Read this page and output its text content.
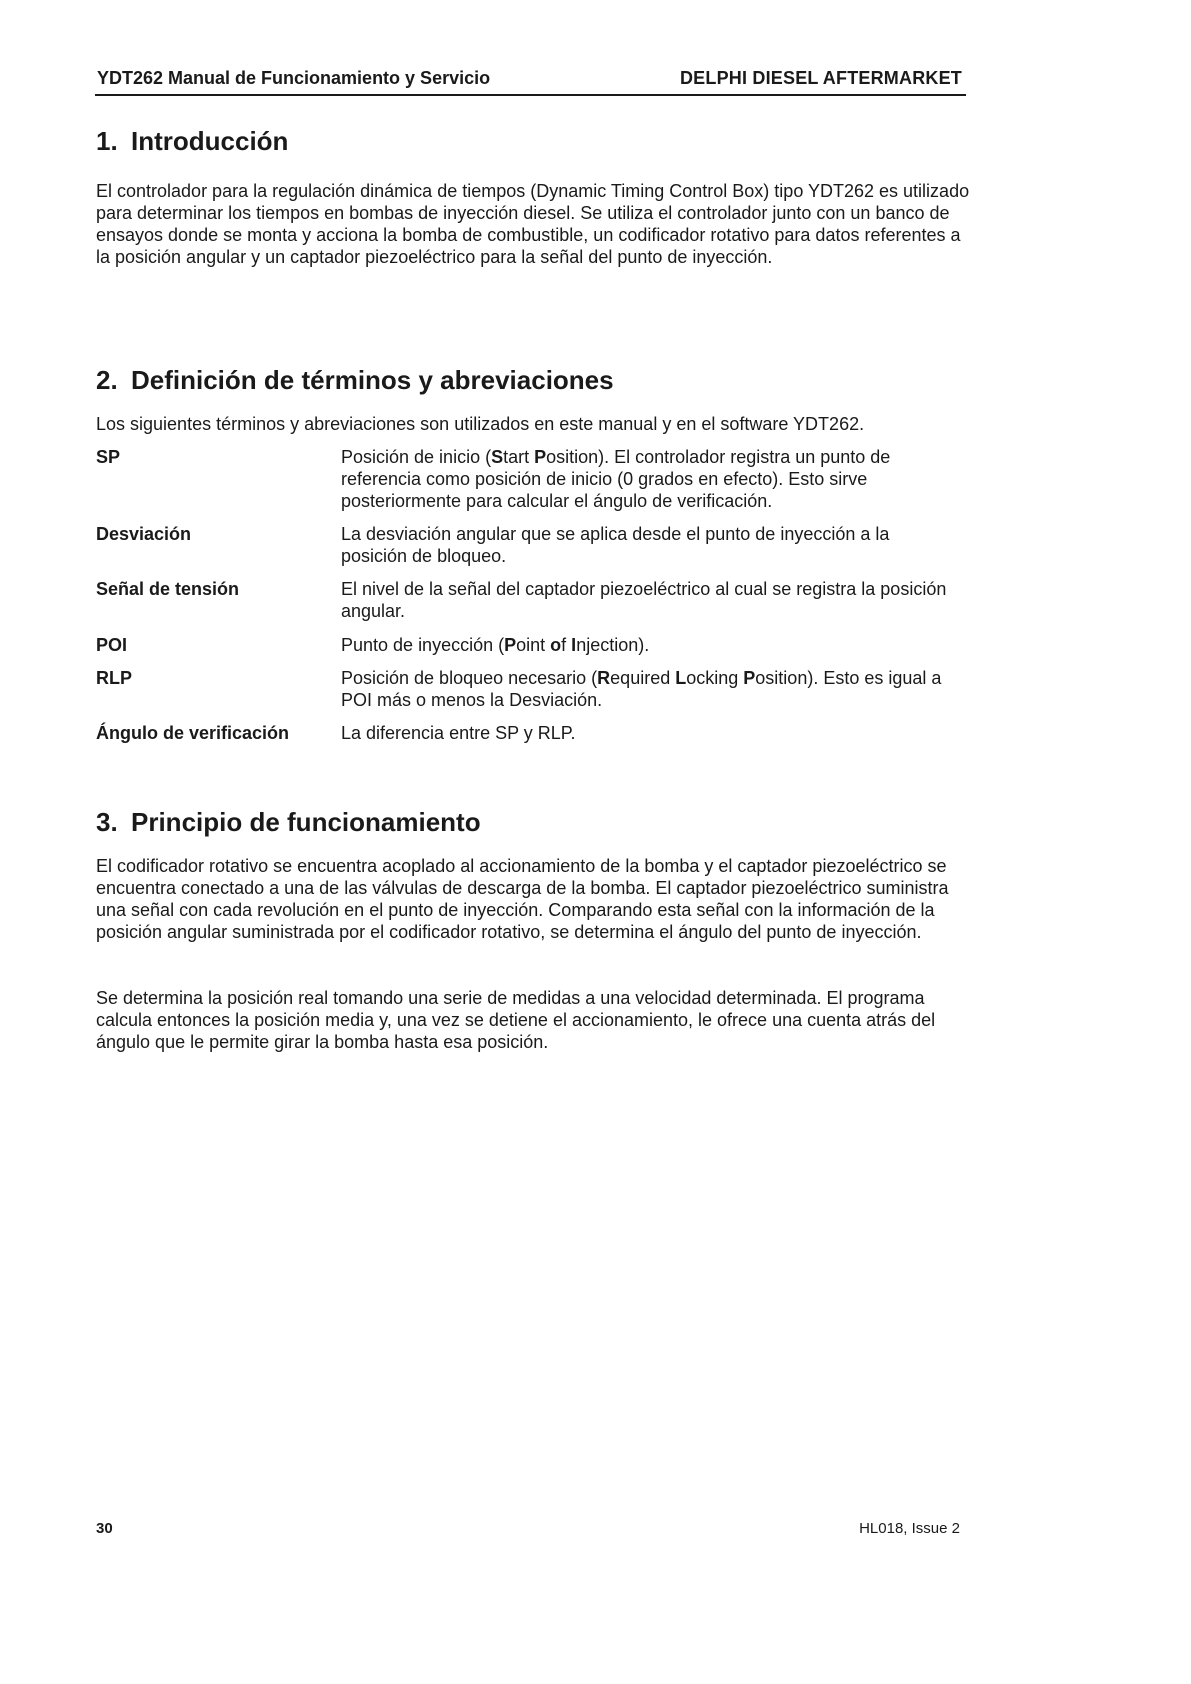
YDT262 Manual de Funcionamiento y Servicio	DELPHI DIESEL AFTERMARKET
1. Introducción

El controlador para la regulación dinámica de tiempos (Dynamic Timing Control Box) tipo YDT262 es utilizado para determinar los tiempos en bombas de inyección diesel. Se utiliza el controlador junto con un banco de ensayos donde se monta y acciona la bomba de combustible, un codificador rotativo para datos referentes a la posición angular y un captador piezoeléctrico para la señal del punto de inyección.

2. Definición de términos y abreviaciones

Los siguientes términos y abreviaciones son utilizados en este manual y en el software YDT262.

SP	Posición de inicio (Start Position). El controlador registra un punto de referencia como posición de inicio (0 grados en efecto). Esto sirve posteriormente para calcular el ángulo de verificación.
Desviación	La desviación angular que se aplica desde el punto de inyección a la posición de bloqueo.
Señal de tensión	El nivel de la señal del captador piezoeléctrico al cual se registra la posición angular.
POI	Punto de inyección (Point of Injection).
RLP	Posición de bloqueo necesario (Required Locking Position). Esto es igual a POI más o menos la Desviación.
Ángulo de verificación	La diferencia entre SP y RLP.
3. Principio de funcionamiento

El codificador rotativo se encuentra acoplado al accionamiento de la bomba y el captador piezoeléctrico se encuentra conectado a una de las válvulas de descarga de la bomba. El captador piezoeléctrico suministra una señal con cada revolución en el punto de inyección. Comparando esta señal con la información de la posición angular suministrada por el codificador rotativo, se determina el ángulo del punto de inyección.

Se determina la posición real tomando una serie de medidas a una velocidad determinada. El programa calcula entonces la posición media y, una vez se detiene el accionamiento, le ofrece una cuenta atrás del ángulo que le permite girar la bomba hasta esa posición.

30	HL018, Issue 2
